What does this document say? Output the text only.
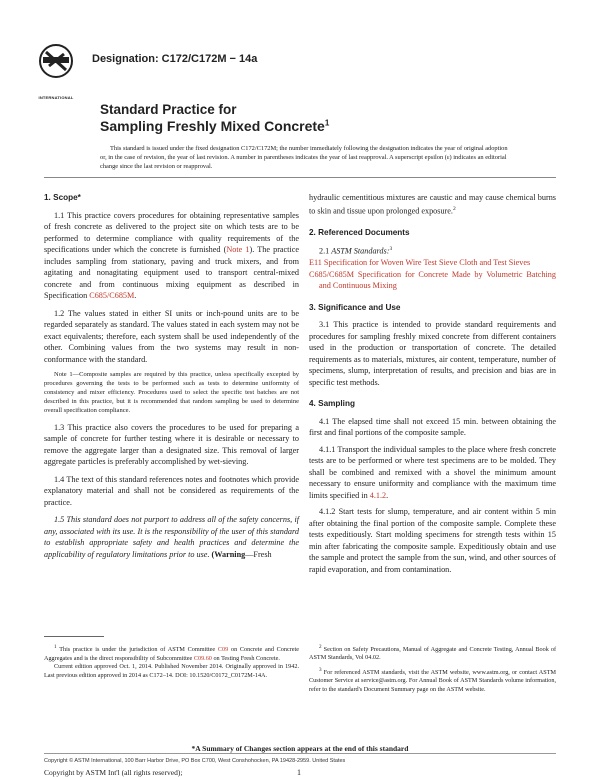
INTERNATIONAL
Designation: C172/C172M − 14a
Standard Practice for
Sampling Freshly Mixed Concrete$^1$
This standard is issued under the fixed designation C172/C172M; the number immediately following the designation indicates the year of original adoption or, in the case of revision, the year of last revision. A number in parentheses indicates the year of last reapproval. A superscript epsilon (ε) indicates an editorial change since the last revision or reapproval.
1. Scope*

1.1 This practice covers procedures for obtaining representative samples of fresh concrete as delivered to the project site on which tests are to be performed to determine compliance with quality requirements of the specifications under which the concrete is furnished (Note 1). The practice includes sampling from stationary, paving and truck mixers, and from agitating and nonagitating equipment used to transport central-mixed concrete and from continuous mixing equipment as described in Specification C685/C685M.

1.2 The values stated in either SI units or inch-pound units are to be regarded separately as standard. The values stated in each system may not be exact equivalents; therefore, each system shall be used independently of the other. Combining values from the two systems may result in non-conformance with the standard.

Note 1—Composite samples are required by this practice, unless specifically excepted by procedures governing the tests to be performed such as tests to determine uniformity of consistency and mixer efficiency. Procedures used to select the specific test batches are not described in this practice, but it is recommended that random sampling be used to determine overall specification compliance.

1.3 This practice also covers the procedures to be used for preparing a sample of concrete for further testing where it is desirable or necessary to remove the aggregate larger than a designated size. This removal of larger aggregate particles is preferably accomplished by wet-sieving.

1.4 The text of this standard references notes and footnotes which provide explanatory material and shall not be considered as requirements of the practice.

1.5 This standard does not purport to address all of the safety concerns, if any, associated with its use. It is the responsibility of the user of this standard to establish appropriate safety and health practices and determine the applicability of regulatory limitations prior to use. (Warning—Fresh

hydraulic cementitious mixtures are caustic and may cause chemical burns to skin and tissue upon prolonged exposure.$^2$

2. Referenced Documents

2.1 ASTM Standards:$^3$

E11 Specification for Woven Wire Test Sieve Cloth and Test Sieves

C685/C685M Specification for Concrete Made by Volumetric Batching and Continuous Mixing

3. Significance and Use

3.1 This practice is intended to provide standard requirements and procedures for sampling freshly mixed concrete from different containers used in the production or transportation of concrete. The detailed requirements as to materials, mixtures, air content, temperature, number of specimens, slump, interpretation of results, and precision and bias are in specific test methods.

4. Sampling

4.1 The elapsed time shall not exceed 15 min. between obtaining the first and final portions of the composite sample.

4.1.1 Transport the individual samples to the place where fresh concrete tests are to be performed or where test specimens are to be molded. They shall be combined and remixed with a shovel the minimum amount necessary to ensure uniformity and compliance with the maximum time limits specified in 4.1.2.

4.1.2 Start tests for slump, temperature, and air content within 5 min after obtaining the final portion of the composite sample. Complete these tests expeditiously. Start molding specimens for strength tests within 15 min after fabricating the composite sample. Expeditiously obtain and use the sample and protect the sample from the sun, wind, and other sources of rapid evaporation, and from contamination.

$^1$ This practice is under the jurisdiction of ASTM Committee C09 on Concrete and Concrete Aggregates and is the direct responsibility of Subcommittee C09.60 on Testing Fresh Concrete.

Current edition approved Oct. 1, 2014. Published November 2014. Originally approved in 1942. Last previous edition approved in 2014 as C172–14. DOI: 10.1520/C0172_C0172M-14A.

$^2$ Section on Safety Precautions, Manual of Aggregate and Concrete Testing, Annual Book of ASTM Standards, Vol 04.02.

$^3$ For referenced ASTM standards, visit the ASTM website, www.astm.org, or contact ASTM Customer Service at service@astm.org. For Annual Book of ASTM Standards volume information, refer to the standard's Document Summary page on the ASTM website.

*A Summary of Changes section appears at the end of this standard
Copyright © ASTM International, 100 Barr Harbor Drive, PO Box C700, West Conshohocken, PA 19428-2959. United States
Copyright by ASTM Int'l (all rights reserved);	1
